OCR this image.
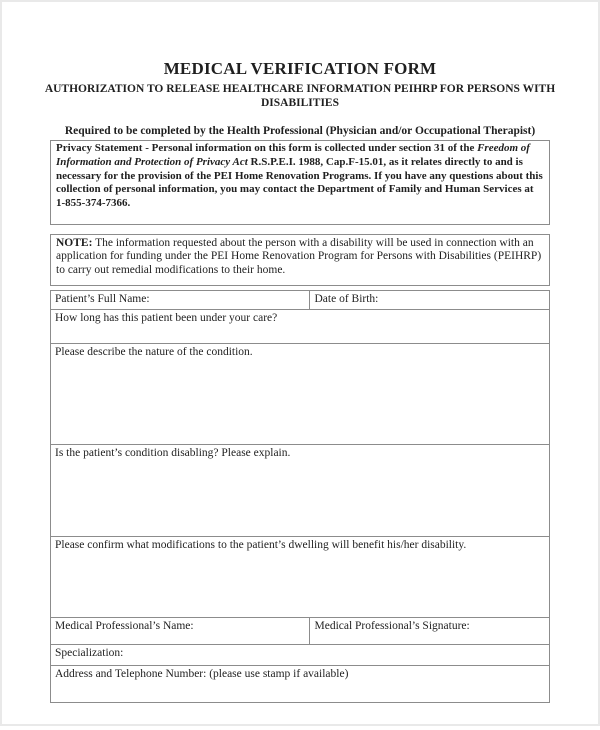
MEDICAL VERIFICATION FORM
AUTHORIZATION TO RELEASE HEALTHCARE INFORMATION PEIHRP FOR PERSONS WITH DISABILITIES
Required to be completed by the Health Professional (Physician and/or Occupational Therapist)
Privacy Statement - Personal information on this form is collected under section 31 of the Freedom of Information and Protection of Privacy Act R.S.P.E.I. 1988, Cap.F-15.01, as it relates directly to and is necessary for the provision of the PEI Home Renovation Programs. If you have any questions about this collection of personal information, you may contact the Department of Family and Human Services at 1-855-374-7366.
NOTE: The information requested about the person with a disability will be used in connection with an application for funding under the PEI Home Renovation Program for Persons with Disabilities (PEIHRP) to carry out remedial modifications to their home.
Patient’s Full Name:	Date of Birth:
How long has this patient been under your care?	
Please describe the nature of the condition.	
Is the patient’s condition disabling? Please explain.	
Please confirm what modifications to the patient’s dwelling will benefit his/her disability.	
Medical Professional’s Name:	Medical Professional’s Signature:
Specialization:	
Address and Telephone Number: (please use stamp if available)	
